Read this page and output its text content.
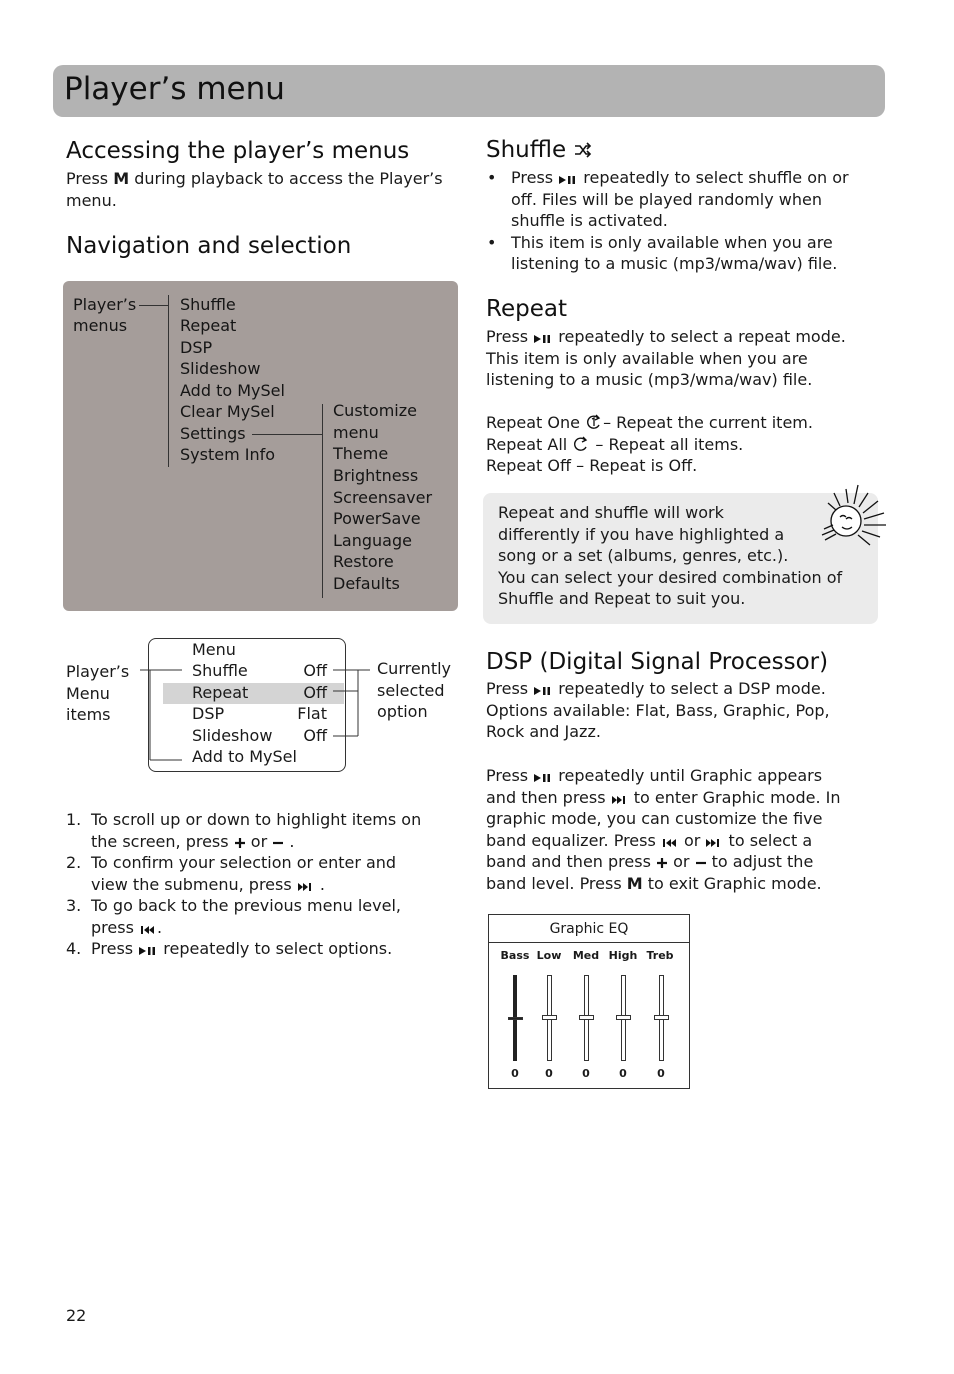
Player’s menu
Accessing the player’s menus

Press M during playback to access the Player’s menu.

Navigation and selection
Player’s
menus
Shuffle
Repeat
DSP
Slideshow
Add to MySel
Clear MySel
Settings
System Info
Customize
menu
Theme
Brightness
Screensaver
PowerSave
Language
Restore
Defaults
Player’s
Menu
items
Currently
selected
option
Menu
Shuffle	Off
Repeat	Off
DSP	Flat
Slideshow Off
Add to MySel
1. To scroll up or down to highlight items on
the screen, press  or  .
2. To confirm your selection or enter and
view the submenu, press  .
3. To go back to the previous menu level,
press .
4. Press  repeatedly to select options.
Shuffle
• Press  repeatedly to select shuffle on or off. Files will be played randomly when shuffle is activated.
• This item is only available when you are listening to a music (mp3/wma/wav) file.
Repeat

Press  repeatedly to select a repeat mode. This item is only available when you are listening to a music (mp3/wma/wav) file.

Repeat One – Repeat the current item.
Repeat All  – Repeat all items.
Repeat Off – Repeat is Off.

Repeat and shuffle will work
differently if you have highlighted a
song or a set (albums, genres, etc.).
You can select your desired combination of
Shuffle and Repeat to suit you.
DSP (Digital Signal Processor)

Press  repeatedly to select a DSP mode. Options available: Flat, Bass, Graphic, Pop, Rock and Jazz.

Press  repeatedly until Graphic appears
and then press  to enter Graphic mode. In
graphic mode, you can customize the five
band equalizer. Press  or  to select a
band and then press  or  to adjust the
band level. Press M to exit Graphic mode.

Graphic EQ
Bass Low	Med High Treb
0	0	0	0	0
22
